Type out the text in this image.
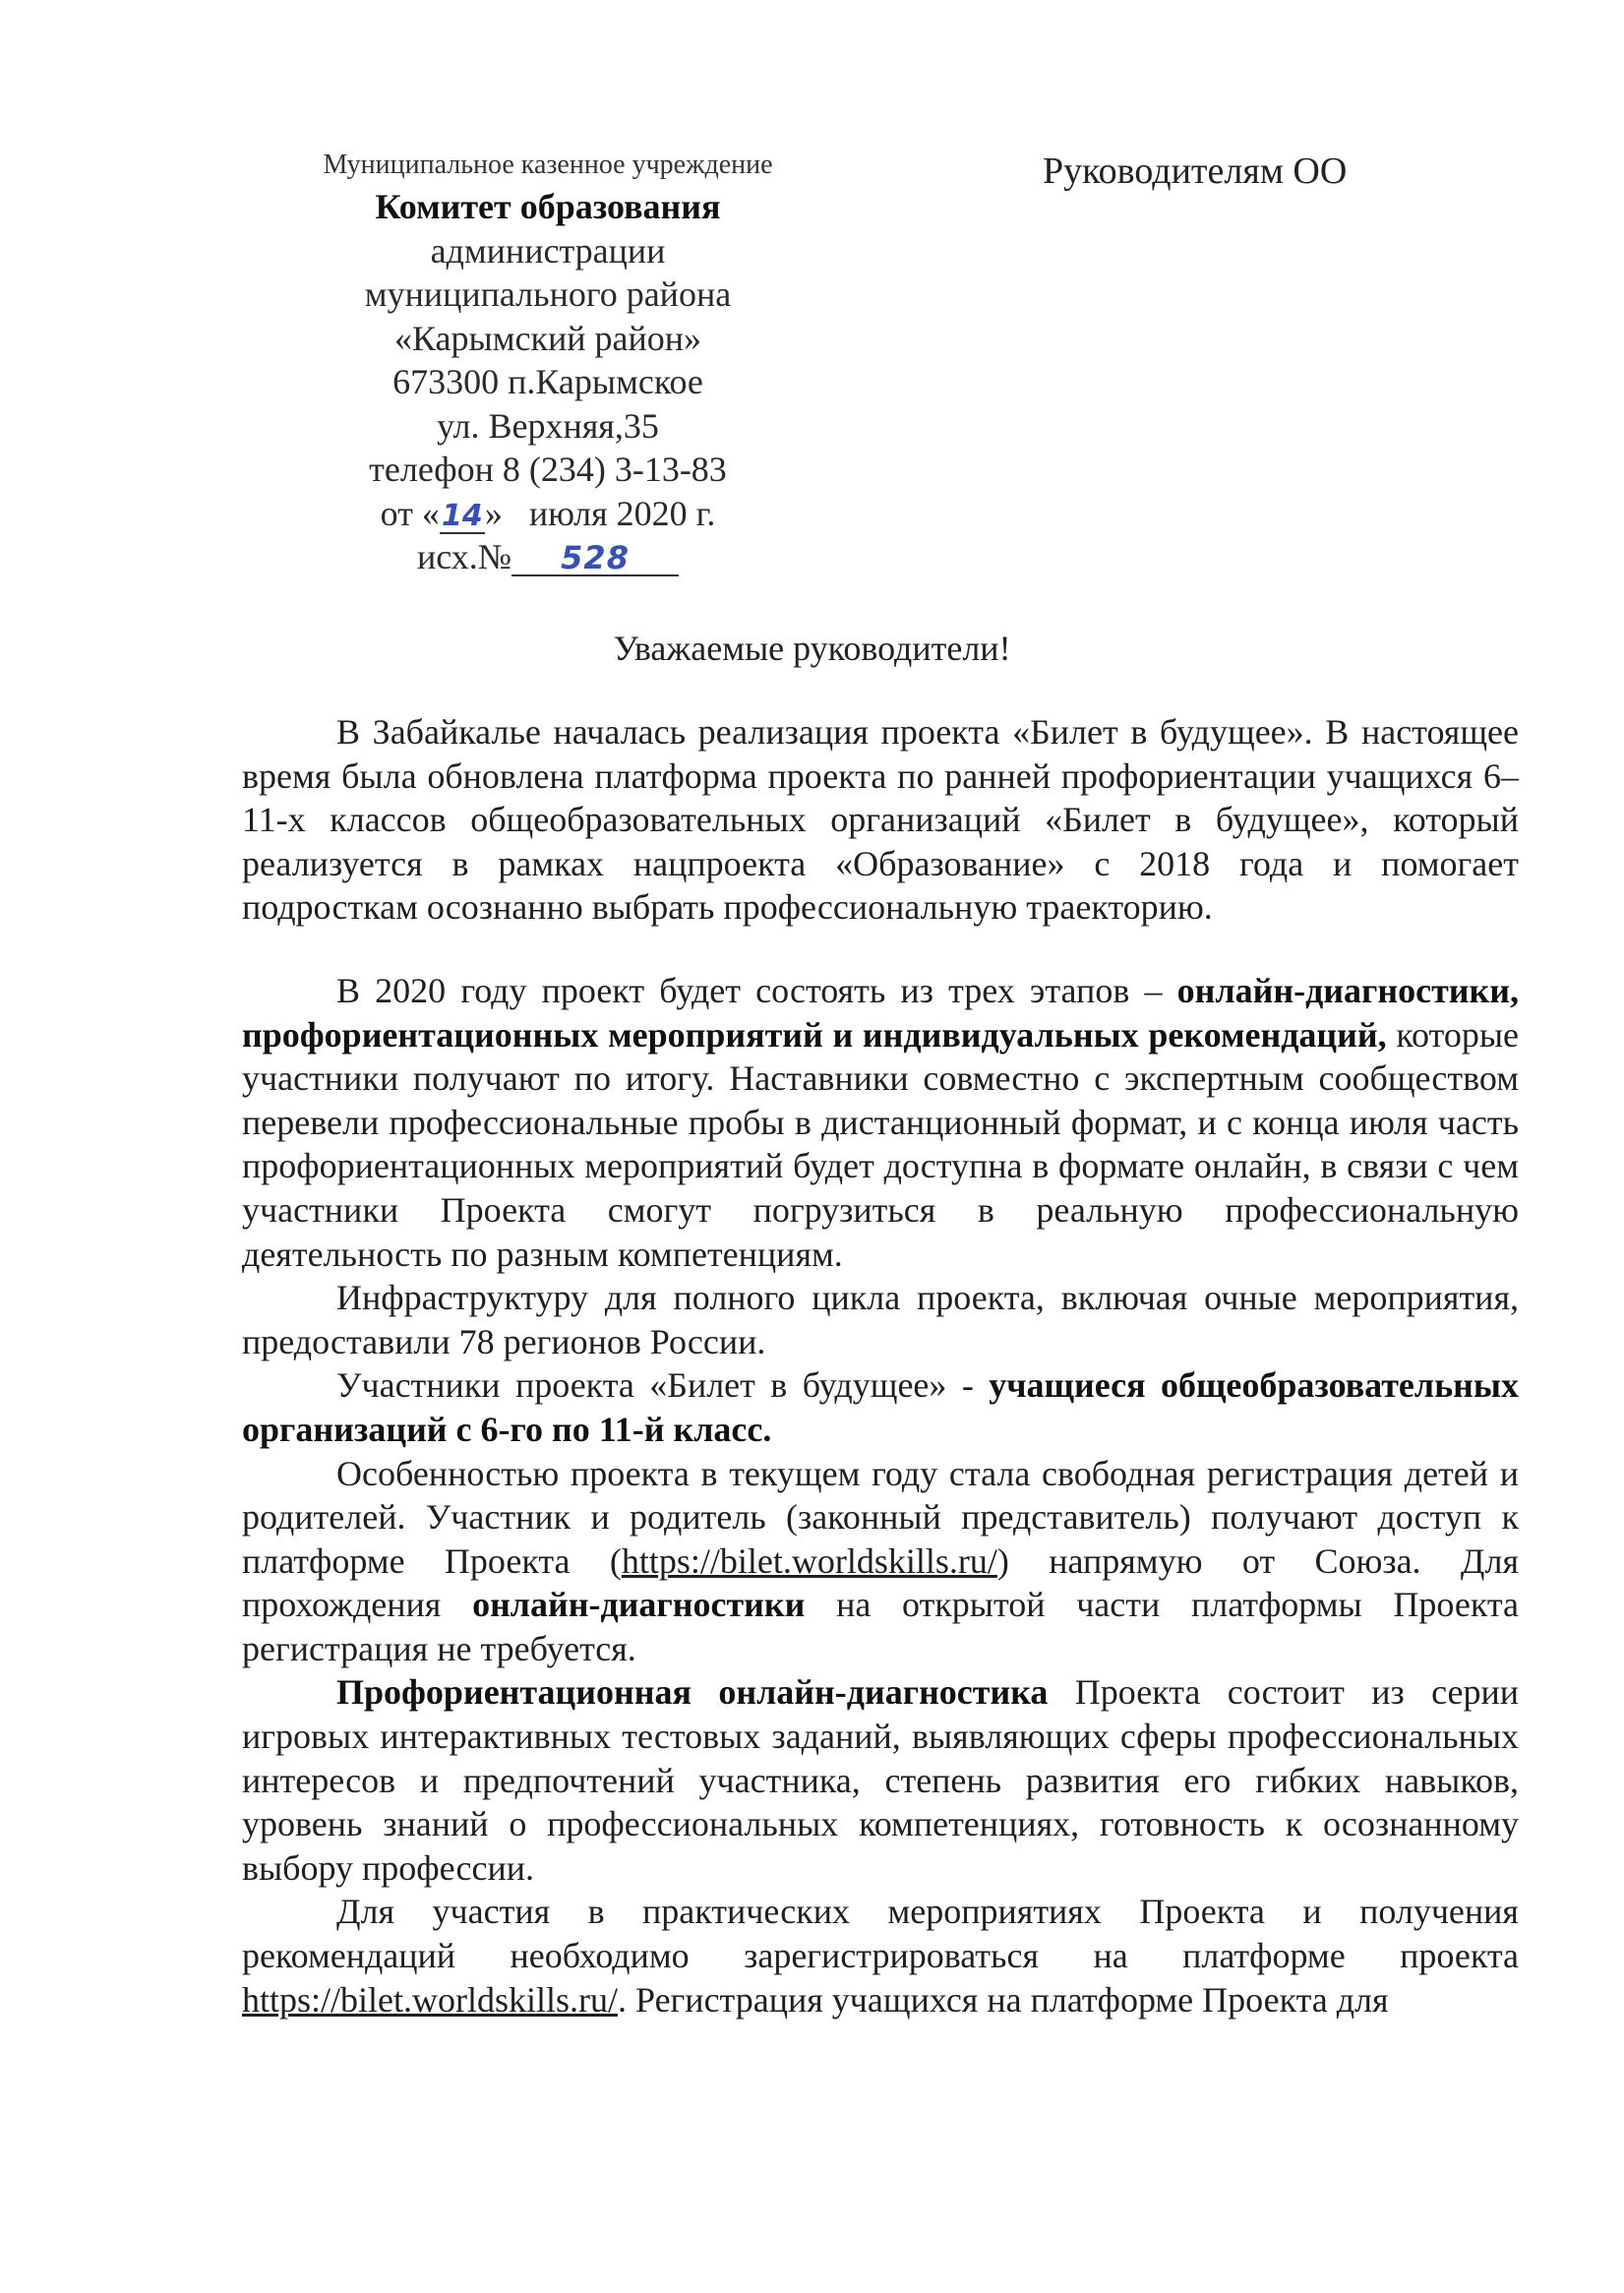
Муниципальное казенное учреждение
Комитет образования
администрации
муниципального района
«Карымский район»
673300 п.Карымское
ул. Верхняя,35
телефон 8 (234) 3-13-83
от «14»   июля 2020 г.
исх.№ 528
Руководителям ОО
Уважаемые руководители!

В Забайкалье началась реализация проекта «Билет в будущее». В настоящее время была обновлена платформа проекта по ранней профориентации учащихся 6–11-х классов общеобразовательных организаций «Билет в будущее», который реализуется в рамках нацпроекта «Образование» с 2018 года и помогает подросткам осознанно выбрать профессиональную траекторию.

В 2020 году проект будет состоять из трех этапов – онлайн-диагностики, профориентационных мероприятий и индивидуальных рекомендаций, которые участники получают по итогу. Наставники совместно с экспертным сообществом перевели профессиональные пробы в дистанционный формат, и с конца июля часть профориентационных мероприятий будет доступна в формате онлайн, в связи с чем участники Проекта смогут погрузиться в реальную профессиональную деятельность по разным компетенциям.

Инфраструктуру для полного цикла проекта, включая очные мероприятия, предоставили 78 регионов России.

Участники проекта «Билет в будущее» - учащиеся общеобразовательных организаций с 6-го по 11-й класс.

Особенностью проекта в текущем году стала свободная регистрация детей и родителей. Участник и родитель (законный представитель) получают доступ к платформе Проекта (https://bilet.worldskills.ru/) напрямую от Союза. Для прохождения онлайн-диагностики на открытой части платформы Проекта регистрация не требуется.

Профориентационная онлайн-диагностика Проекта состоит из серии игровых интерактивных тестовых заданий, выявляющих сферы профессиональных интересов и предпочтений участника, степень развития его гибких навыков, уровень знаний о профессиональных компетенциях, готовность к осознанному выбору профессии.

Для участия в практических мероприятиях Проекта и получения рекомендаций необходимо зарегистрироваться на платформе проекта https://bilet.worldskills.ru/. Регистрация учащихся на платформе Проекта для
